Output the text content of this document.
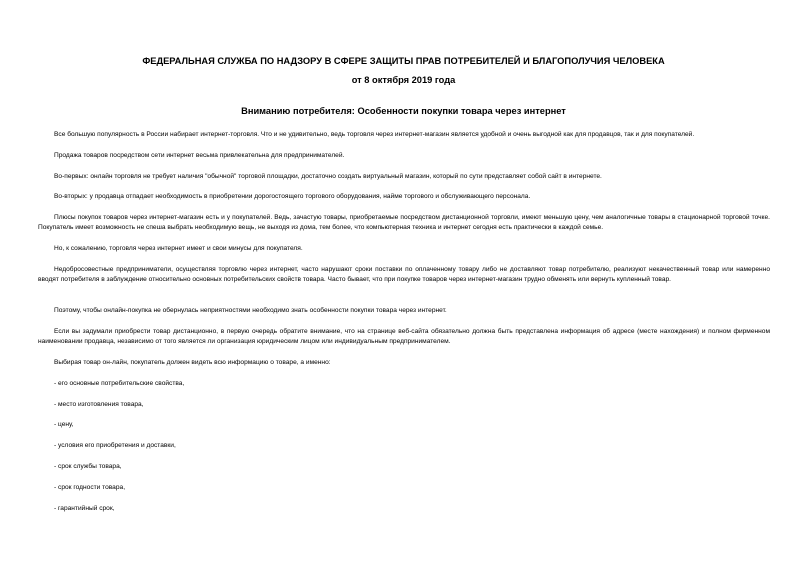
ФЕДЕРАЛЬНАЯ СЛУЖБА ПО НАДЗОРУ В СФЕРЕ ЗАЩИТЫ ПРАВ ПОТРЕБИТЕЛЕЙ И БЛАГОПОЛУЧИЯ ЧЕЛОВЕКА
от 8 октября 2019 года
Вниманию потребителя: Особенности покупки товара через интернет

Все большую популярность в России набирает интернет-торговля. Что и не удивительно, ведь торговля через интернет-магазин является удобной и очень выгодной как для продавцов, так и для покупателей.

Продажа товаров посредством сети интернет весьма привлекательна для предпринимателей.

Во-первых: онлайн торговля не требует наличия "обычной" торговой площадки, достаточно создать виртуальный магазин, который по сути представляет собой сайт в интернете.

Во-вторых: у продавца отпадает необходимость в приобретении дорогостоящего торгового оборудования, найме торгового и обслуживающего персонала.

Плюсы покупок товаров через интернет-магазин есть и у покупателей. Ведь, зачастую товары, приобретаемые посредством дистанционной торговли, имеют меньшую цену, чем аналогичные товары в стационарной торговой точке. Покупатель имеет возможность не спеша выбрать необходимую вещь, не выходя из дома, тем более, что компьютерная техника и интернет сегодня есть практически в каждой семье.

Но, к сожалению, торговля через интернет имеет и свои минусы для покупателя.

Недобросовестные предприниматели, осуществляя торговлю через интернет, часто нарушают сроки поставки по оплаченному товару либо не доставляют товар потребителю, реализуют некачественный товар или намеренно вводят потребителя в заблуждение относительно основных потребительских свойств товара. Часто бывает, что при покупке товаров через интернет-магазин трудно обменять или вернуть купленный товар.

Поэтому, чтобы онлайн-покупка не обернулась неприятностями необходимо знать особенности покупки товара через интернет.

Если вы задумали приобрести товар дистанционно, в первую очередь обратите внимание, что на странице веб-сайта обязательно должна быть представлена информация об адресе (месте нахождения) и полном фирменном наименовании продавца, независимо от того является ли организация юридическим лицом или индивидуальным предпринимателем.

Выбирая товар он-лайн, покупатель должен видеть всю информацию о товаре, а именно:

- его основные потребительские свойства,

- место изготовления товара,

- цену,

- условия его приобретения и доставки,

- срок службы товара,

- срок годности товара,

- гарантийный срок,
